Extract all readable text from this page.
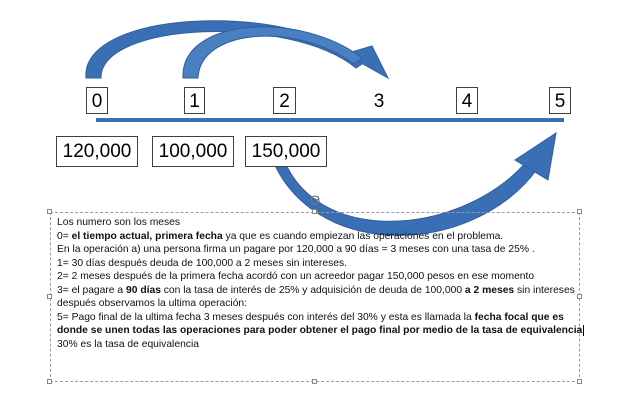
0	1	2	3	4	5
120,000	100,000	150,000

Los numero son los meses

0= el tiempo actual, primera fecha ya que es cuando empiezan las operaciones en el problema.

En la operación a) una persona firma un pagare por 120,000 a 90 días = 3 meses con una tasa de 25% .

1= 30 días después deuda de 100,000 a 2 meses sin intereses.

2= 2 meses después de la primera fecha acordó con un acreedor pagar 150,000 pesos en ese momento

3= el pagare a 90 días con la tasa de interés de 25% y adquisición de deuda de 100,000 a 2 meses sin intereses

después observamos la ultima operación:

5= Pago final de la ultima fecha 3 meses después con interés del 30% y esta es llamada la fecha focal que es

donde se unen todas las operaciones para poder obtener el pago final por medio de la tasa de equivalencia

30% es la tasa de equivalencia
